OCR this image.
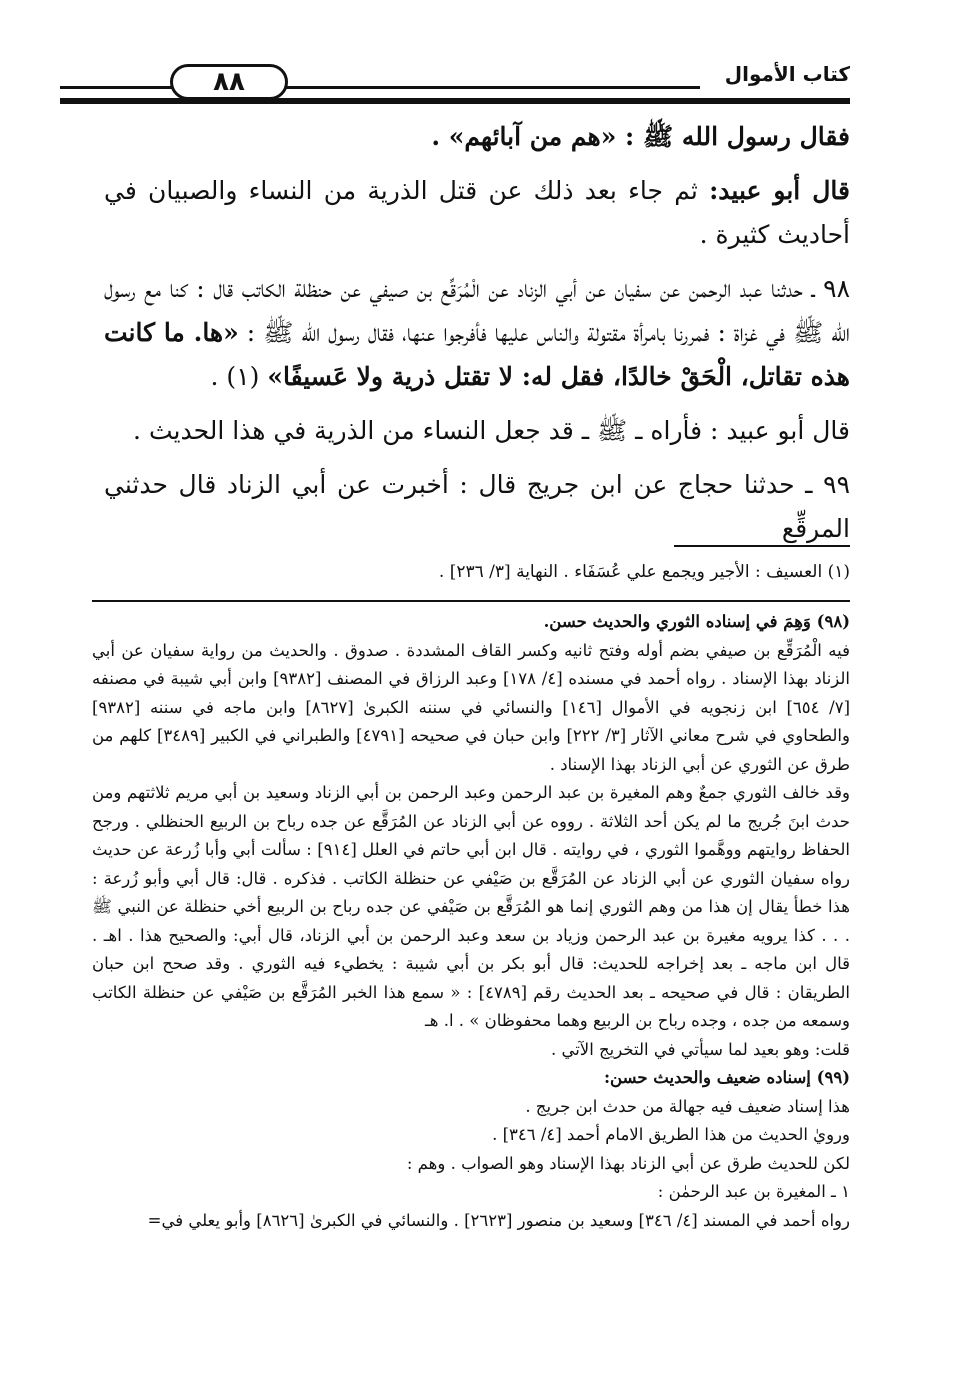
كتاب الأموال
٨٨

فقال رسول الله ﷺ : «هم من آبائهم» .

قال أبو عبيد: ثم جاء بعد ذلك عن قتل الذرية من النساء والصبيان في أحاديث كثيرة .

٩٨ ـ حدثنا عبد الرحمن عن سفيان عن أبي الزناد عن الْمُرَقِّع بن صيفي عن حنظلة الكاتب قال : كنا مع رسول الله ﷺ في غزاة : فمررنا بامرأة مقتولة والناس عليها فأفرجوا عنها، فقال رسول الله ﷺ : «ها. ما كانت هذه تقاتل، الْحَقْ خالدًا، فقل له: لا تقتل ذرية ولا عَسيفًا» (١) .

قال أبو عبيد : فأراه ـ ﷺ ـ قد جعل النساء من الذرية في هذا الحديث .

٩٩ ـ حدثنا حجاج عن ابن جريج قال : أخبرت عن أبي الزناد قال حدثني المرقِّع

(١) العسيف : الأجير ويجمع علي عُسَفَاء . النهاية [٣/ ٢٣٦] .

(٩٨) وَهِمَ في إسناده الثوري والحديث حسن.

فيه الْمُرَقِّع بن صيفي بضم أوله وفتح ثانيه وكسر القاف المشددة . صدوق . والحديث من رواية سفيان عن أبي الزناد بهذا الإسناد . رواه أحمد في مسنده [٤/ ١٧٨] وعبد الرزاق في المصنف [٩٣٨٢] وابن أبي شيبة في مصنفه [٧/ ٦٥٤] ابن زنجويه في الأموال [١٤٦] والنسائي في سننه الكبرىٰ [٨٦٢٧] وابن ماجه في سننه [٩٣٨٢] والطحاوي في شرح معاني الآثار [٣/ ٢٢٢] وابن حبان في صحيحه [٤٧٩١] والطبراني في الكبير [٣٤٨٩] كلهم من طرق عن الثوري عن أبي الزناد بهذا الإسناد .

وقد خالف الثوري جمعٌ وهم المغيرة بن عبد الرحمن وعبد الرحمن بن أبي الزناد وسعيد بن أبي مريم ثلاثتهم ومن حدث ابنَ جُريج ما لم يكن أحد الثلاثة . رووه عن أبي الزناد عن المُرَقَّع عن جده رباح بن الربيع الحنظلي . ورجح الحفاظ روايتهم ووهَّموا الثوري ، في روايته . قال ابن أبي حاتم في العلل [٩١٤] : سألت أبي وأبا زُرعة عن حديث رواه سفيان الثوري عن أبي الزناد عن المُرَقَّع بن صَيْفي عن حنظلة الكاتب . فذكره . قال: قال أبي وأبو زُرعة : هذا خطأ يقال إن هذا من وهم الثوري إنما هو المُرَقَّع بن صَيْفي عن جده رباح بن الربيع أخي حنظلة عن النبي ﷺ . . . كذا يرويه مغيرة بن عبد الرحمن وزياد بن سعد وعبد الرحمن بن أبي الزناد، قال أبي: والصحيح هذا . اهـ . قال ابن ماجه ـ بعد إخراجه للحديث: قال أبو بكر بن أبي شيبة : يخطيء فيه الثوري . وقد صحح ابن حبان الطريقان : قال في صحيحه ـ بعد الحديث رقم [٤٧٨٩] : « سمع هذا الخبر المُرَقَّع بن صَيْفي عن حنظلة الكاتب وسمعه من جده ، وجده رباح بن الربيع وهما محفوظان » . ا. هـ

قلت: وهو بعيد لما سيأتي في التخريج الآتي .

(٩٩) إسناده ضعيف والحديث حسن:

هذا إسناد ضعيف فيه جهالة من حدث ابن جريج .

ورويٰ الحديث من هذا الطريق الامام أحمد [٤/ ٣٤٦] .

لكن للحديث طرق عن أبي الزناد بهذا الإسناد وهو الصواب . وهم :

١ ـ المغيرة بن عبد الرحمٰن :

رواه أحمد في المسند [٤/ ٣٤٦] وسعيد بن منصور [٢٦٢٣] . والنسائي في الكبرىٰ [٨٦٢٦] وأبو يعلي في=
